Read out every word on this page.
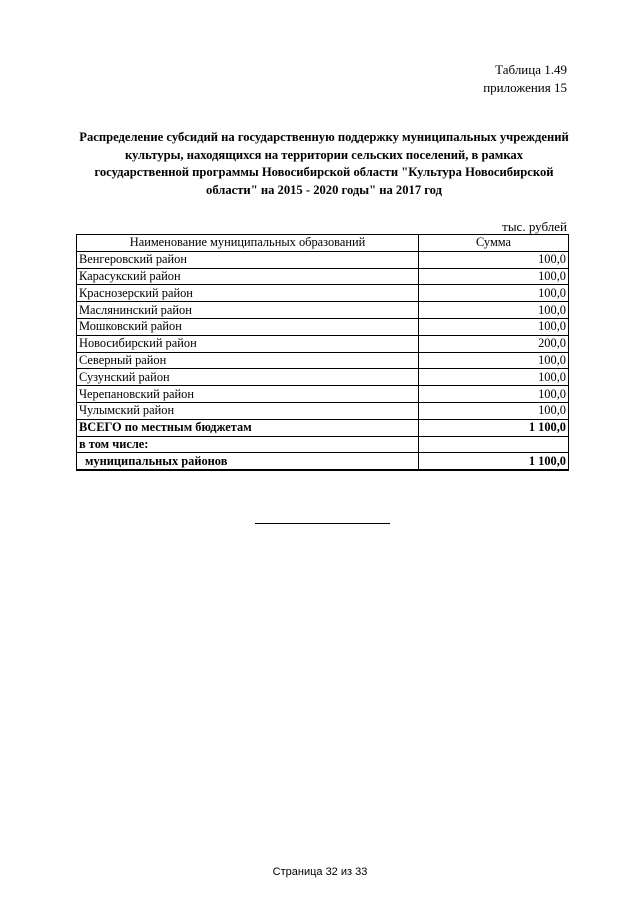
Таблица 1.49
приложения 15
Распределение субсидий на государственную поддержку муниципальных учреждений культуры, находящихся на территории сельских поселений, в рамках государственной программы Новосибирской области "Культура Новосибирской области" на 2015 - 2020 годы" на 2017 год
тыс. рублей
Наименование муниципальных образований	Сумма
Венгеровский район	100,0
Карасукский район	100,0
Краснозерский район	100,0
Маслянинский район	100,0
Мошковский район	100,0
Новосибирский район	200,0
Северный район	100,0
Сузунский район	100,0
Черепановский район	100,0
Чулымский район	100,0
ВСЕГО по местным бюджетам	1 100,0
в том числе:	
муниципальных районов	1 100,0
Страница 32 из 33
